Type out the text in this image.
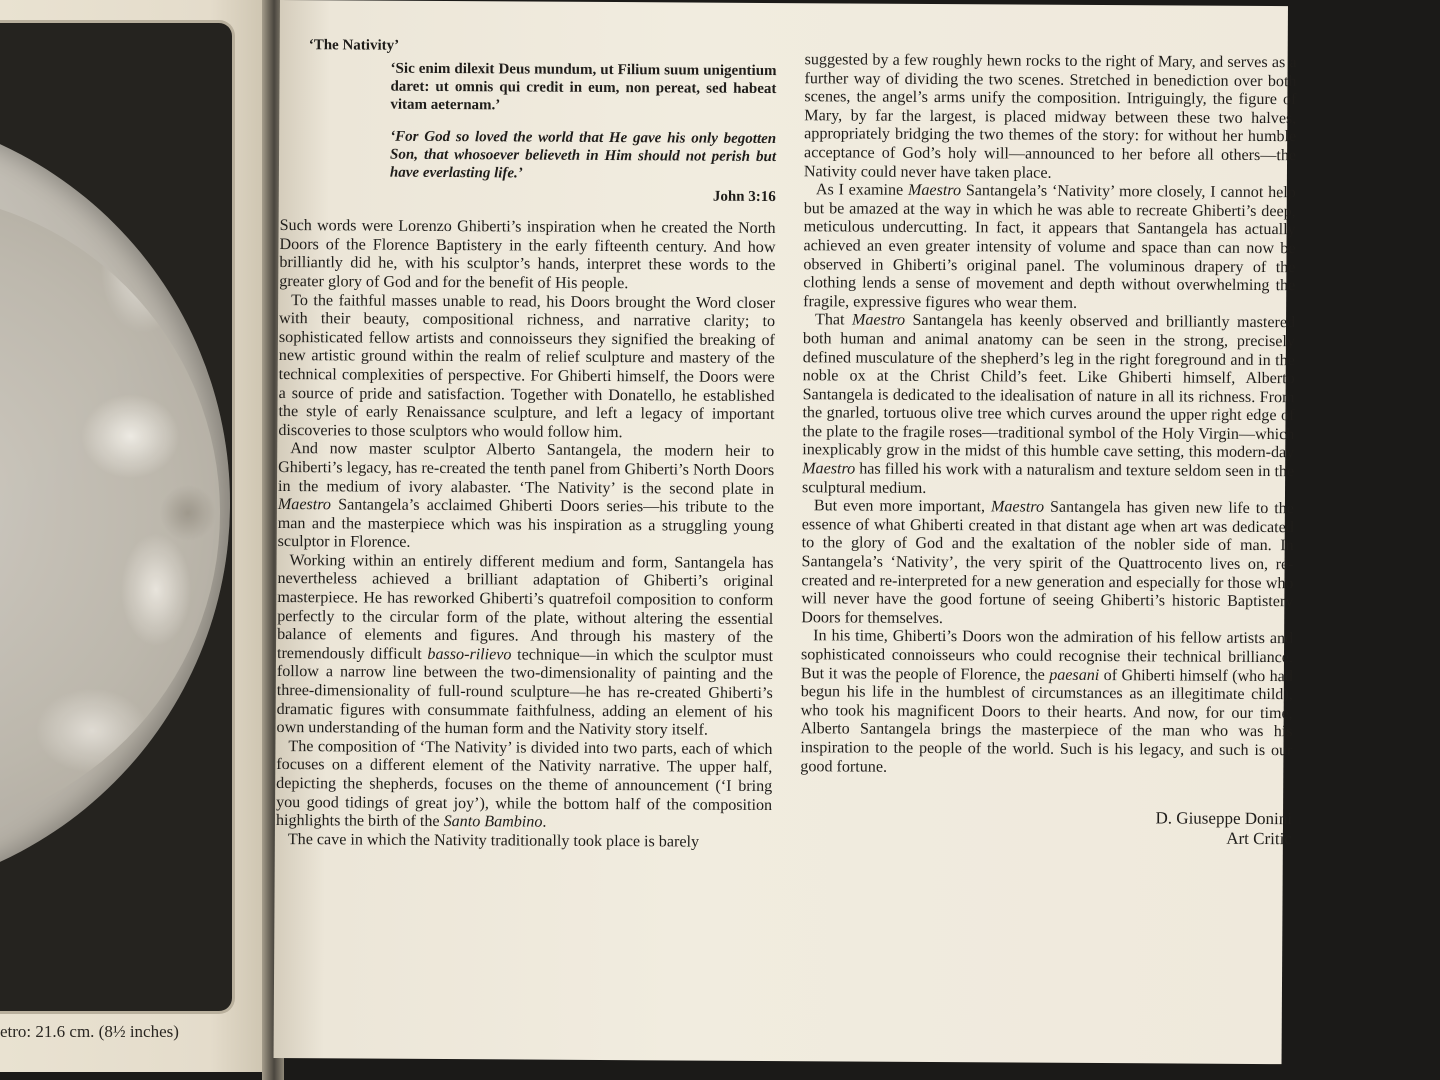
etro: 21.6 cm. (8½ inches)
‘The Nativity’
‘Sic enim dilexit Deus mundum, ut Filium suum unigentium daret: ut omnis qui credit in eum, non pereat, sed habeat vitam aeternam.’
‘For God so loved the world that He gave his only begotten Son, that whosoever believeth in Him should not perish but have everlasting life.’
John 3:16

Such words were Lorenzo Ghiberti’s inspiration when he created the North Doors of the Florence Baptistery in the early fifteenth century. And how brilliantly did he, with his sculptor’s hands, interpret these words to the greater glory of God and for the benefit of His people.

To the faithful masses unable to read, his Doors brought the Word closer with their beauty, compositional richness, and narrative clarity; to sophisticated fellow artists and connoisseurs they signified the breaking of new artistic ground within the realm of relief sculpture and mastery of the technical complexities of perspective. For Ghiberti himself, the Doors were a source of pride and satisfaction. Together with Donatello, he established the style of early Renaissance sculpture, and left a legacy of important discoveries to those sculptors who would follow him.

And now master sculptor Alberto Santangela, the modern heir to Ghiberti’s legacy, has re-created the tenth panel from Ghiberti’s North Doors in the medium of ivory alabaster. ‘The Nativity’ is the second plate in Maestro Santangela’s acclaimed Ghiberti Doors series—his tribute to the man and the masterpiece which was his inspiration as a struggling young sculptor in Florence.

Working within an entirely different medium and form, Santangela has nevertheless achieved a brilliant adaptation of Ghiberti’s original masterpiece. He has reworked Ghiberti’s quatrefoil composition to conform perfectly to the circular form of the plate, without altering the essential balance of elements and figures. And through his mastery of the tremendously difficult basso-rilievo technique—in which the sculptor must follow a narrow line between the two-dimensionality of painting and the three-dimensionality of full-round sculpture—he has re-created Ghiberti’s dramatic figures with consummate faithfulness, adding an element of his own understanding of the human form and the Nativity story itself.

The composition of ‘The Nativity’ is divided into two parts, each of which focuses on a different element of the Nativity narrative. The upper half, depicting the shepherds, focuses on the theme of announcement (‘I bring you good tidings of great joy’), while the bottom half of the composition highlights the birth of the Santo Bambino.

The cave in which the Nativity traditionally took place is barely

suggested by a few roughly hewn rocks to the right of Mary, and serves as a further way of dividing the two scenes. Stretched in benediction over both scenes, the angel’s arms unify the composition. Intriguingly, the figure of Mary, by far the largest, is placed midway between these two halves, appropriately bridging the two themes of the story: for without her humble acceptance of God’s holy will—announced to her before all others—the Nativity could never have taken place.

As I examine Maestro Santangela’s ‘Nativity’ more closely, I cannot help but be amazed at the way in which he was able to recreate Ghiberti’s deep, meticulous undercutting. In fact, it appears that Santangela has actually achieved an even greater intensity of volume and space than can now be observed in Ghiberti’s original panel. The voluminous drapery of the clothing lends a sense of movement and depth without overwhelming the fragile, expressive figures who wear them.

That Maestro Santangela has keenly observed and brilliantly mastered both human and animal anatomy can be seen in the strong, precisely defined musculature of the shepherd’s leg in the right foreground and in the noble ox at the Christ Child’s feet. Like Ghiberti himself, Alberto Santangela is dedicated to the idealisation of nature in all its richness. From the gnarled, tortuous olive tree which curves around the upper right edge of the plate to the fragile roses—traditional symbol of the Holy Virgin—which inexplicably grow in the midst of this humble cave setting, this modern-day Maestro has filled his work with a naturalism and texture seldom seen in the sculptural medium.

But even more important, Maestro Santangela has given new life to the essence of what Ghiberti created in that distant age when art was dedicated to the glory of God and the exaltation of the nobler side of man. In Santangela’s ‘Nativity’, the very spirit of the Quattrocento lives on, re-created and re-interpreted for a new generation and especially for those who will never have the good fortune of seeing Ghiberti’s historic Baptistery Doors for themselves.

In his time, Ghiberti’s Doors won the admiration of his fellow artists and sophisticated connoisseurs who could recognise their technical brilliance. But it was the people of Florence, the paesani of Ghiberti himself (who had begun his life in the humblest of circumstances as an illegitimate child), who took his magnificent Doors to their hearts. And now, for our time, Alberto Santangela brings the masterpiece of the man who was his inspiration to the people of the world. Such is his legacy, and such is our good fortune.

D. Giuseppe Donini
Art Critic
